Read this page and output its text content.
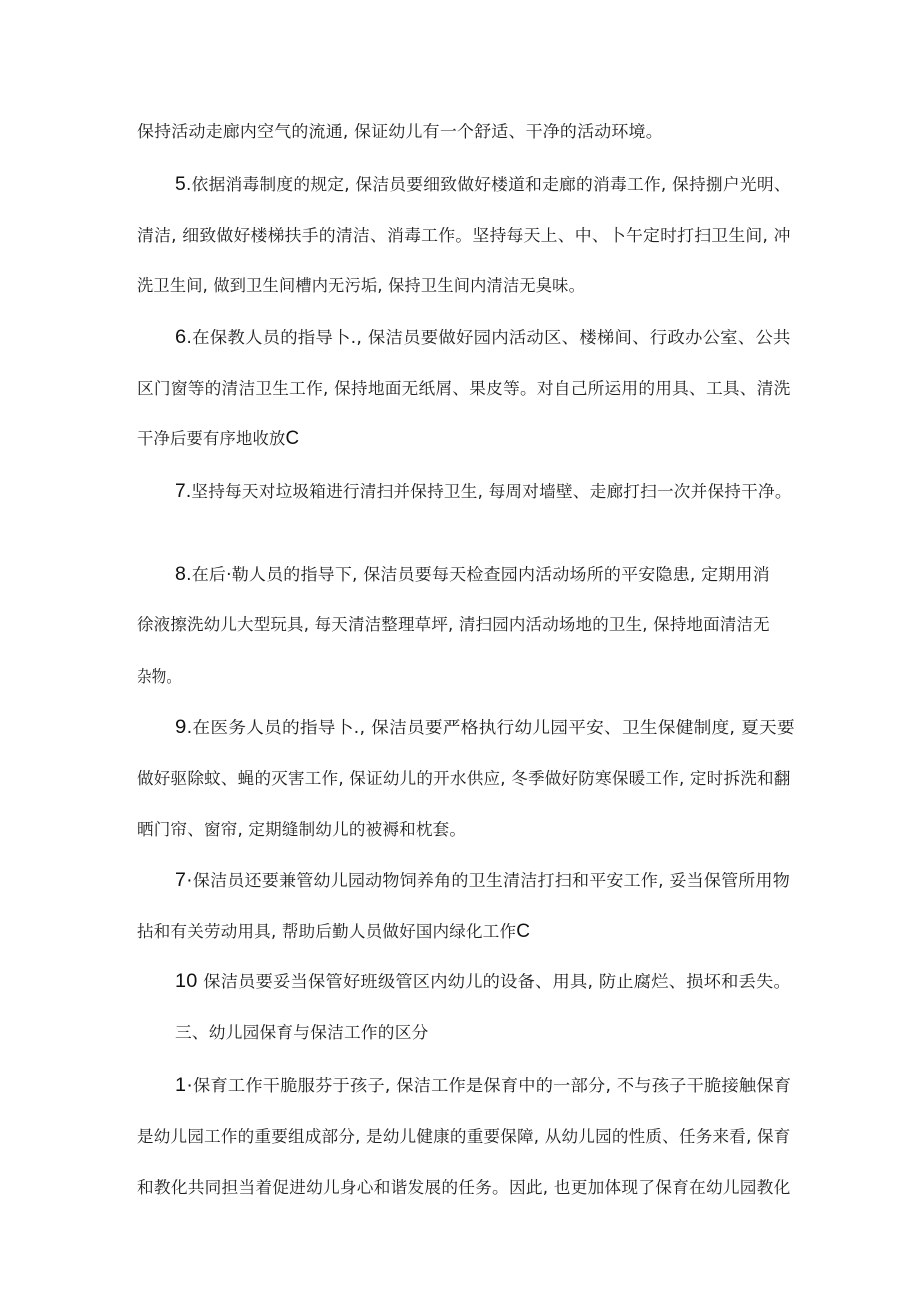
保持活动走廊内空气的流通, 保证幼儿有一个舒适、干净的活动环境。
5.依据消毒制度的规定, 保洁员要细致做好楼道和走廊的消毒工作, 保持捌户光明、
清洁, 细致做好楼梯扶手的清洁、消毒工作。坚持每天上、中、卜午定时打扫卫生间, 冲
洗卫生间, 做到卫生间槽内无污垢, 保持卫生间内清洁无臭味。
6.在保教人员的指导卜., 保洁员要做好园内活动区、楼梯间、行政办公室、公共
区门窗等的清洁卫生工作, 保持地面无纸屑、果皮等。对自己所运用的用具、工具、清洗
干净后要有序地收放C
7.坚持每天对垃圾箱进行清扫并保持卫生, 每周对墙壁、走廊打扫一次并保持干净。
8.在后·勒人员的指导下, 保洁员要每天检查园内活动场所的平安隐患, 定期用消
徐液擦洗幼儿大型玩具, 每天清洁整理草坪, 清扫园内活动场地的卫生, 保持地面清洁无
杂物。
9.在医务人员的指导卜., 保洁员要严格执行幼儿园平安、卫生保健制度, 夏天要
做好驱除蚊、蝇的灭害工作, 保证幼儿的开水供应, 冬季做好防寒保暖工作, 定时拆洗和翻
晒门帘、窗帘, 定期缝制幼儿的被褥和枕套。
7·保洁员还要兼管幼儿园动物饲养角的卫生清洁打扫和平安工作, 妥当保管所用物
拈和有关劳动用具, 帮助后勤人员做好国内绿化工作C
10 保洁员要妥当保管好班级管区内幼儿的设备、用具, 防止腐烂、损坏和丢失。
三、幼儿园保育与保洁工作的区分
1·保育工作干脆服芬于孩子, 保洁工作是保育中的一部分, 不与孩子干脆接触保育
是幼儿园工作的重要组成部分, 是幼儿健康的重要保障, 从幼儿园的性质、任务来看, 保育
和教化共同担当着促进幼儿身心和谐发展的任务。因此, 也更加体现了保育在幼儿园教化
